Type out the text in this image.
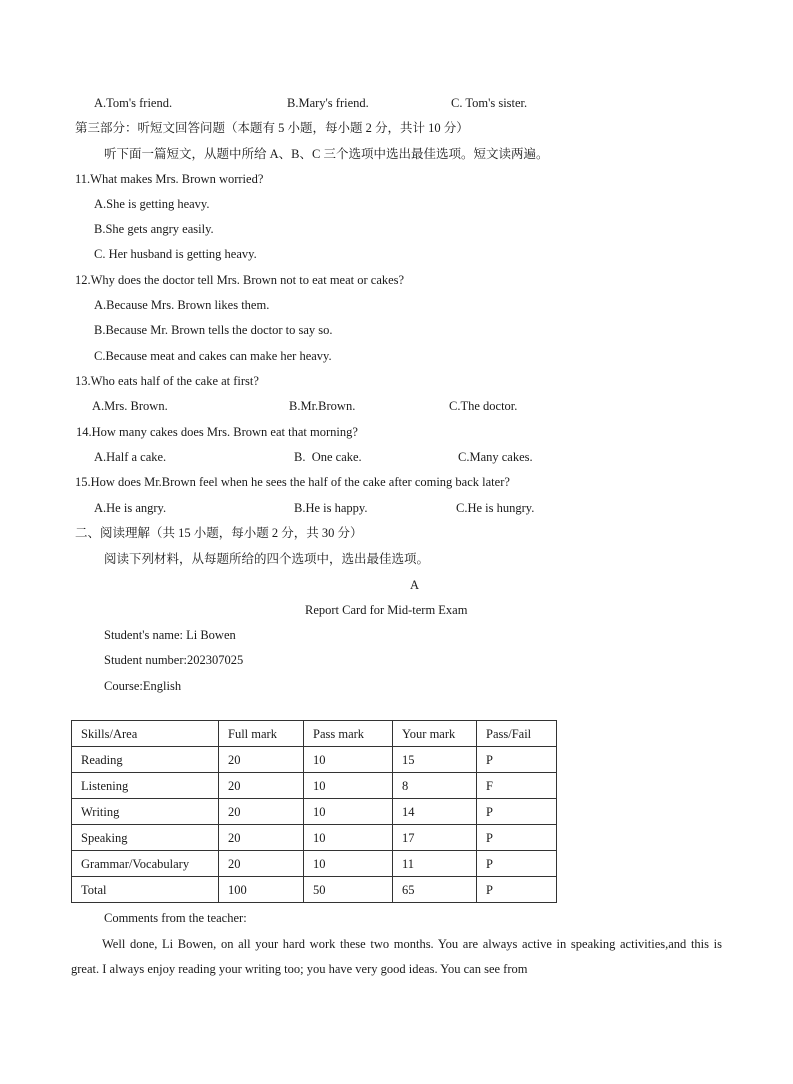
A.Tom's friend.	B.Mary's friend.	C. Tom's sister.
第三部分：听短文回答问题（本题有 5 小题，每小题 2 分，共计 10 分）
听下面一篇短文，从题中所给 A、B、C 三个选项中选出最佳选项。短文读两遍。
11.What makes Mrs. Brown worried?
A.She is getting heavy.
B.She gets angry easily.
C. Her husband is getting heavy.
12.Why does the doctor tell Mrs. Brown not to eat meat or cakes?
A.Because Mrs. Brown likes them.
B.Because Mr. Brown tells the doctor to say so.
C.Because meat and cakes can make her heavy.
13.Who eats half of the cake at first?
A.Mrs. Brown.	B.Mr.Brown.	C.The doctor.
14.How many cakes does Mrs. Brown eat that morning?
A.Half a cake.	B.  One cake.	C.Many cakes.
15.How does Mr.Brown feel when he sees the half of the cake after coming back later?
A.He is angry.	B.He is happy.	C.He is hungry.
二、阅读理解（共 15 小题，每小题 2 分，共 30 分）
阅读下列材料，从每题所给的四个选项中，选出最佳选项。
A
Report Card for Mid-term Exam
Student's name: Li Bowen
Student number:202307025
Course:English
Skills/Area	Full mark	Pass mark	Your mark	Pass/Fail
Reading	20	10	15	P
Listening	20	10	8	F
Writing	20	10	14	P
Speaking	20	10	17	P
Grammar/Vocabulary	20	10	11	P
Total	100	50	65	P
Comments from the teacher:
Well done, Li Bowen, on all your hard work these two months. You are always active in speaking activities,and this is great. I always enjoy reading your writing too; you have very good ideas. You can see from
